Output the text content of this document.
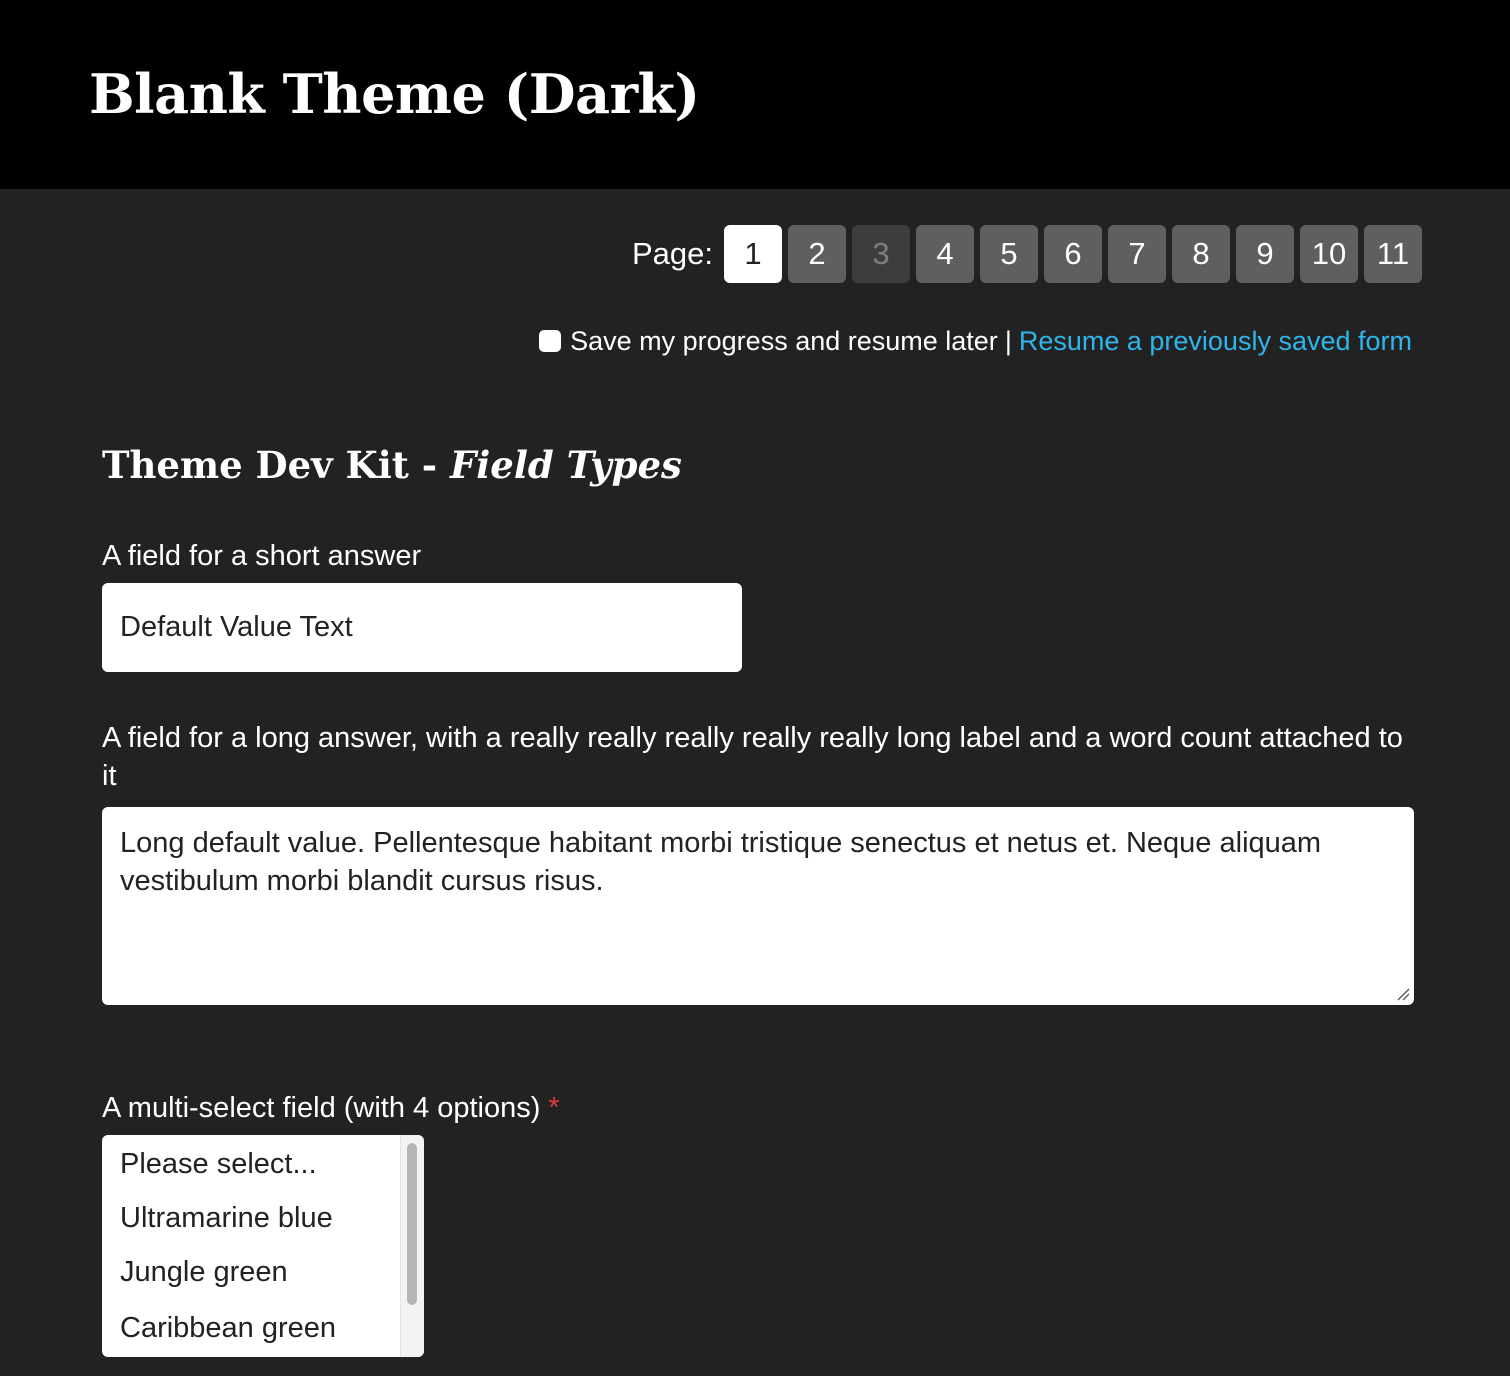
Blank Theme (Dark)
Page:	1	2	3	4	5	6	7	8	9	10 11
Save my progress and resume later | Resume a previously saved form
Theme Dev Kit - Field Types
A field for a short answer
Default Value Text
A field for a long answer, with a really really really really really long label and a word count attached to it
Long default value. Pellentesque habitant morbi tristique senectus et netus et. Neque aliquam vestibulum morbi blandit cursus risus.
A multi-select field (with 4 options) *
Please select...
Ultramarine blue
Jungle green
Caribbean green
